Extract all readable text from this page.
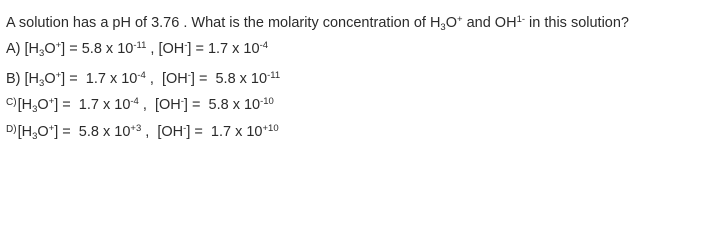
A solution has a pH of 3.76 . What is the molarity concentration of $H_3O^+$ and $OH^{1-}$ in this solution?
A) $[H_3O^+] = 5.8$ x $10^{-11}$ , [OH-] = 1.7 x $10^{-4}$
B) $[H_3O^+] = 1.7$ x $10^{-4}$ ,  [OH-] =  5.8 x $10^{-11}$
$^{C)}[H_3O^+] = 1.7$ x $10^{-4}$ ,  [OH-] =  5.8 x $10^{-10}$
$^{D)}[H_3O^+] = 5.8$ x $10^{+3}$ ,  [OH-] =  1.7 x $10^{+10}$
